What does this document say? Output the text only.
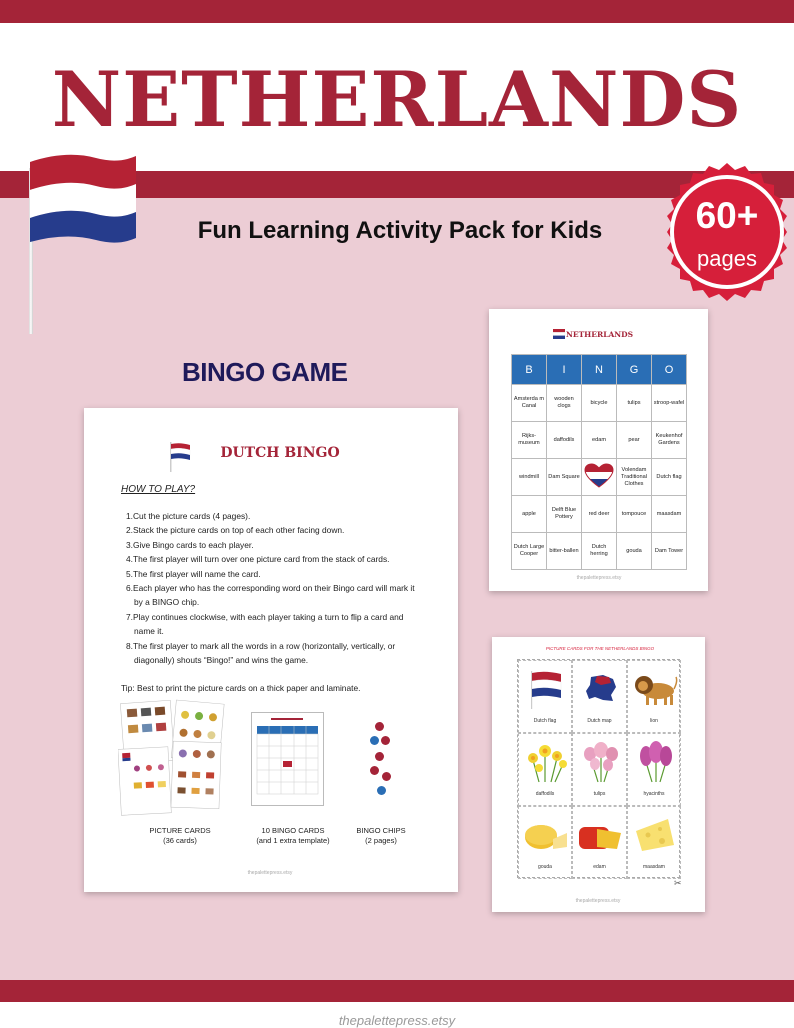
NETHERLANDS
thepalettepress.etsy
Fun Learning Activity Pack for Kids	60+
pages
BINGO GAME
DUTCH BINGO
HOW TO PLAY?
1.Cut the picture cards (4 pages).
2.Stack the picture cards on top of each other facing down.
3.Give Bingo cards to each player.
4.The first player will turn over one picture card from the stack of cards.
5.The first player will name the card.
6.Each player who has the corresponding word on their Bingo card will mark it
by a BINGO chip.
7.Play continues clockwise, with each player taking a turn to flip a card and
name it.
8.The first player to mark all the words in a row (horizontally, vertically, or
diagonally) shouts “Bingo!” and wins the game.
Tip: Best to print the picture cards on a thick paper and laminate.
PICTURE CARDS
(36 cards)
10 BINGO CARDS
(and 1 extra template)
BINGO CHIPS
(2 pages)
thepalettepress.etsy
NETHERLANDS
B	I	N	G	O
Amsterda m Canal	wooden clogs	bicycle	tulips	stroop-wafel
Rijks-museum	daffodils	edam	pear	Keukenhof Gardens
windmill	Dam Square		Volendam Traditional Clothes	Dutch flag
apple	Delft Blue Pottery	red deer	tompouce	maasdam
Dutch Large Cooper	bitter-ballen	Dutch herring	gouda	Dam Tower
thepalettepress.etsy
PICTURE CARDS FOR THE NETHERLANDS BINGO
Dutch flag	Dutch map	lion
daffodils	tulips	hyacinths
gouda	edam	maasdam
✂
thepalettepress.etsy
